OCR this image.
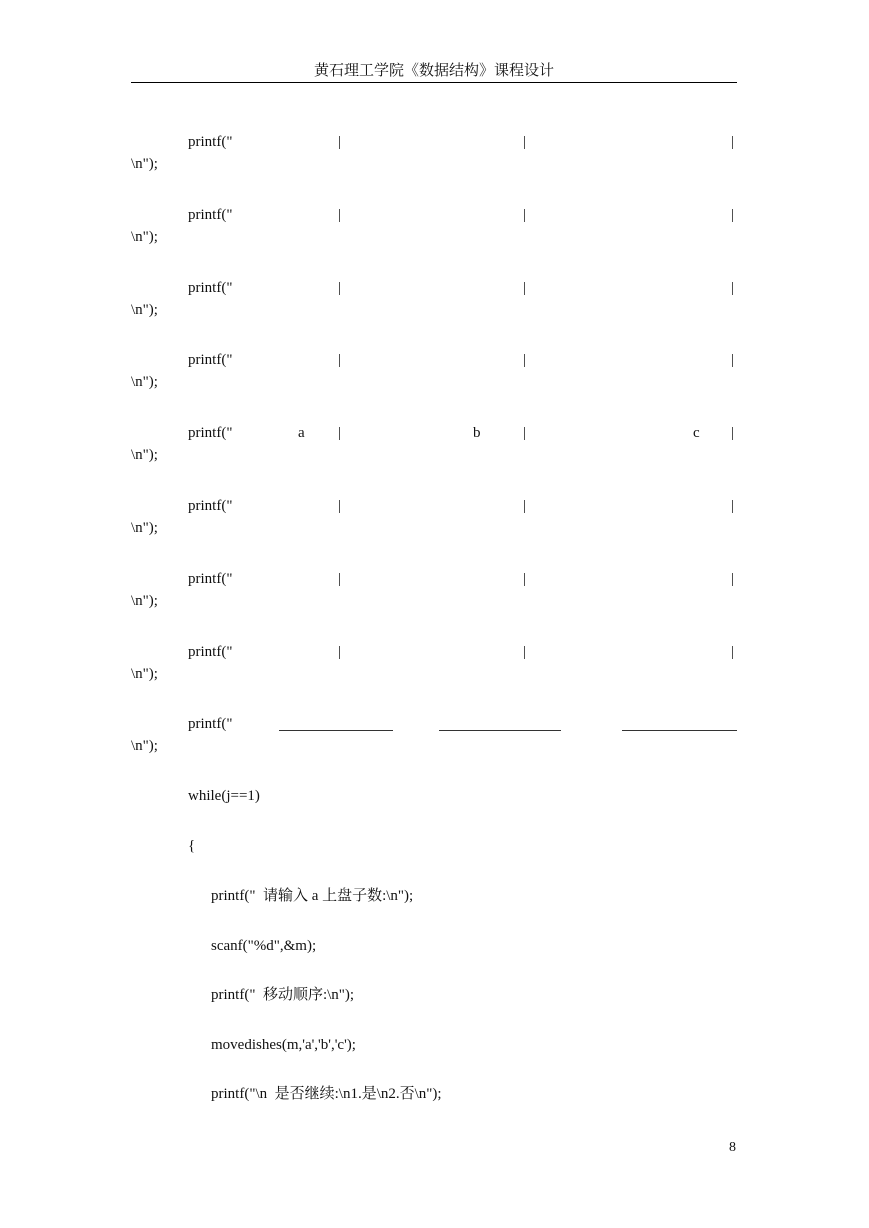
黄石理工学院《数据结构》课程设计
printf("	|	|	|
\n");
printf("	|	|	|
\n");
printf("	|	|	|
\n");
printf("	|	|	|
\n");
printf("	|	|	|
a	b	c
\n");
printf("	|	|	|
\n");
printf("	|	|	|
\n");
printf("	|	|	|
\n");
printf("
\n");
while(j==1)
{
printf("  请输入 a 上盘子数:\n");
scanf("%d",&m);
printf("  移动顺序:\n");
movedishes(m,'a','b','c');
printf("\n  是否继续:\n1.是\n2.否\n");
8
